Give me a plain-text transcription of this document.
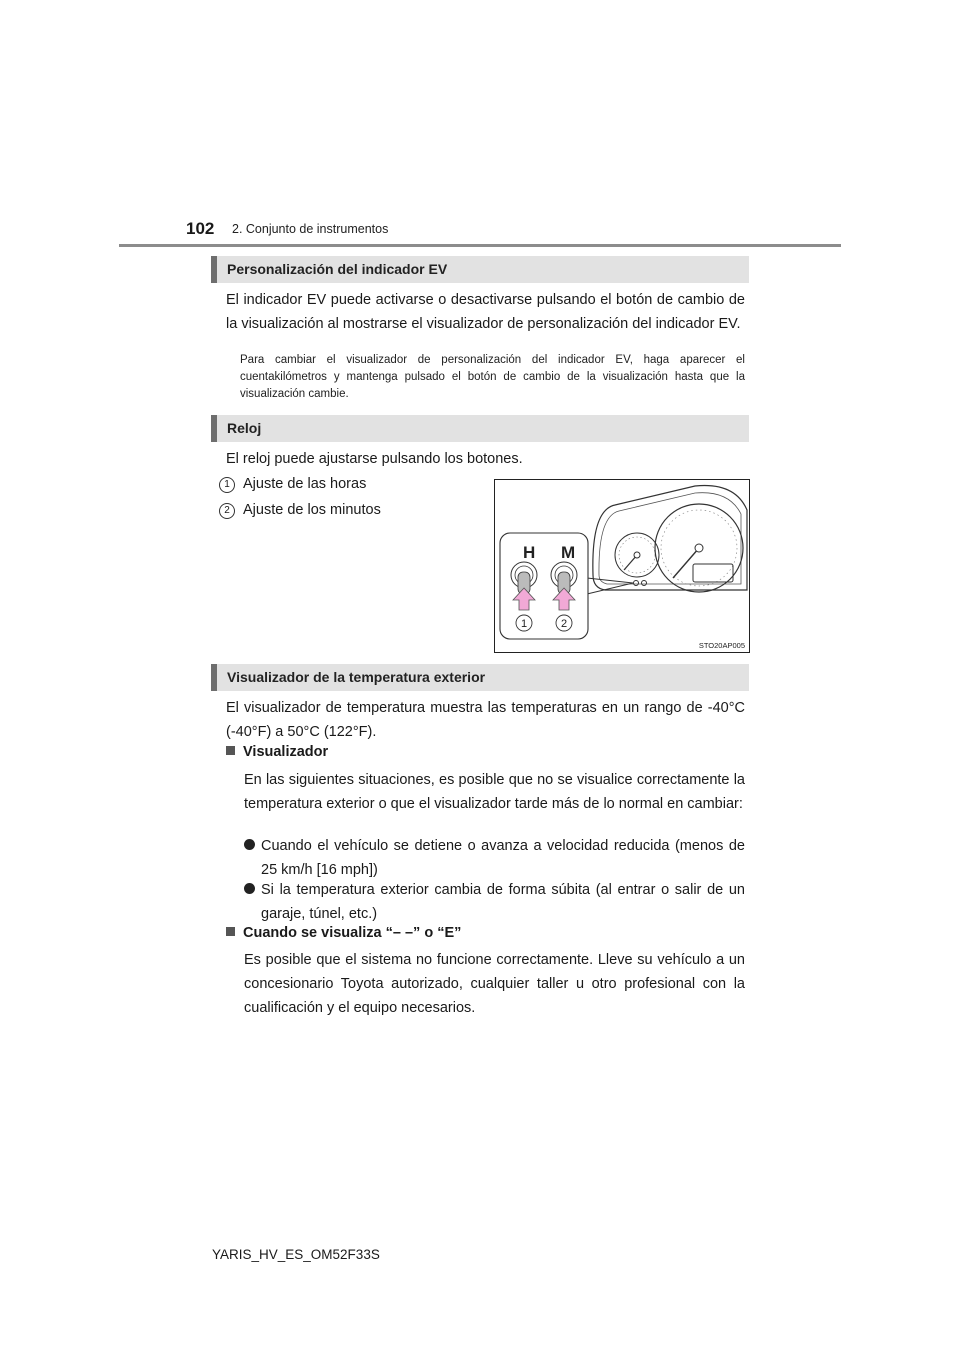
102 2. Conjunto de instrumentos
Personalización del indicador EV
El indicador EV puede activarse o desactivarse pulsando el botón de cambio de la visualización al mostrarse el visualizador de personalización del indicador EV.
Para cambiar el visualizador de personalización del indicador EV, haga aparecer el cuentakilómetros y mantenga pulsado el botón de cambio de la visualización hasta que la visualización cambie.
Reloj
El reloj puede ajustarse pulsando los botones.
1 Ajuste de las horas
2 Ajuste de los minutos
H M
1	2
STO20AP005
Visualizador de la temperatura exterior
El visualizador de temperatura muestra las temperaturas en un rango de -40°C (-40°F) a 50°C (122°F).
Visualizador
En las siguientes situaciones, es posible que no se visualice correctamente la temperatura exterior o que el visualizador tarde más de lo normal en cambiar:
Cuando el vehículo se detiene o avanza a velocidad reducida (menos de 25 km/h [16 mph])
Si la temperatura exterior cambia de forma súbita (al entrar o salir de un garaje, túnel, etc.)
Cuando se visualiza “– –” o “E”
Es posible que el sistema no funcione correctamente. Lleve su vehículo a un concesionario Toyota autorizado, cualquier taller u otro profesional con la cualificación y el equipo necesarios.
YARIS_HV_ES_OM52F33S
